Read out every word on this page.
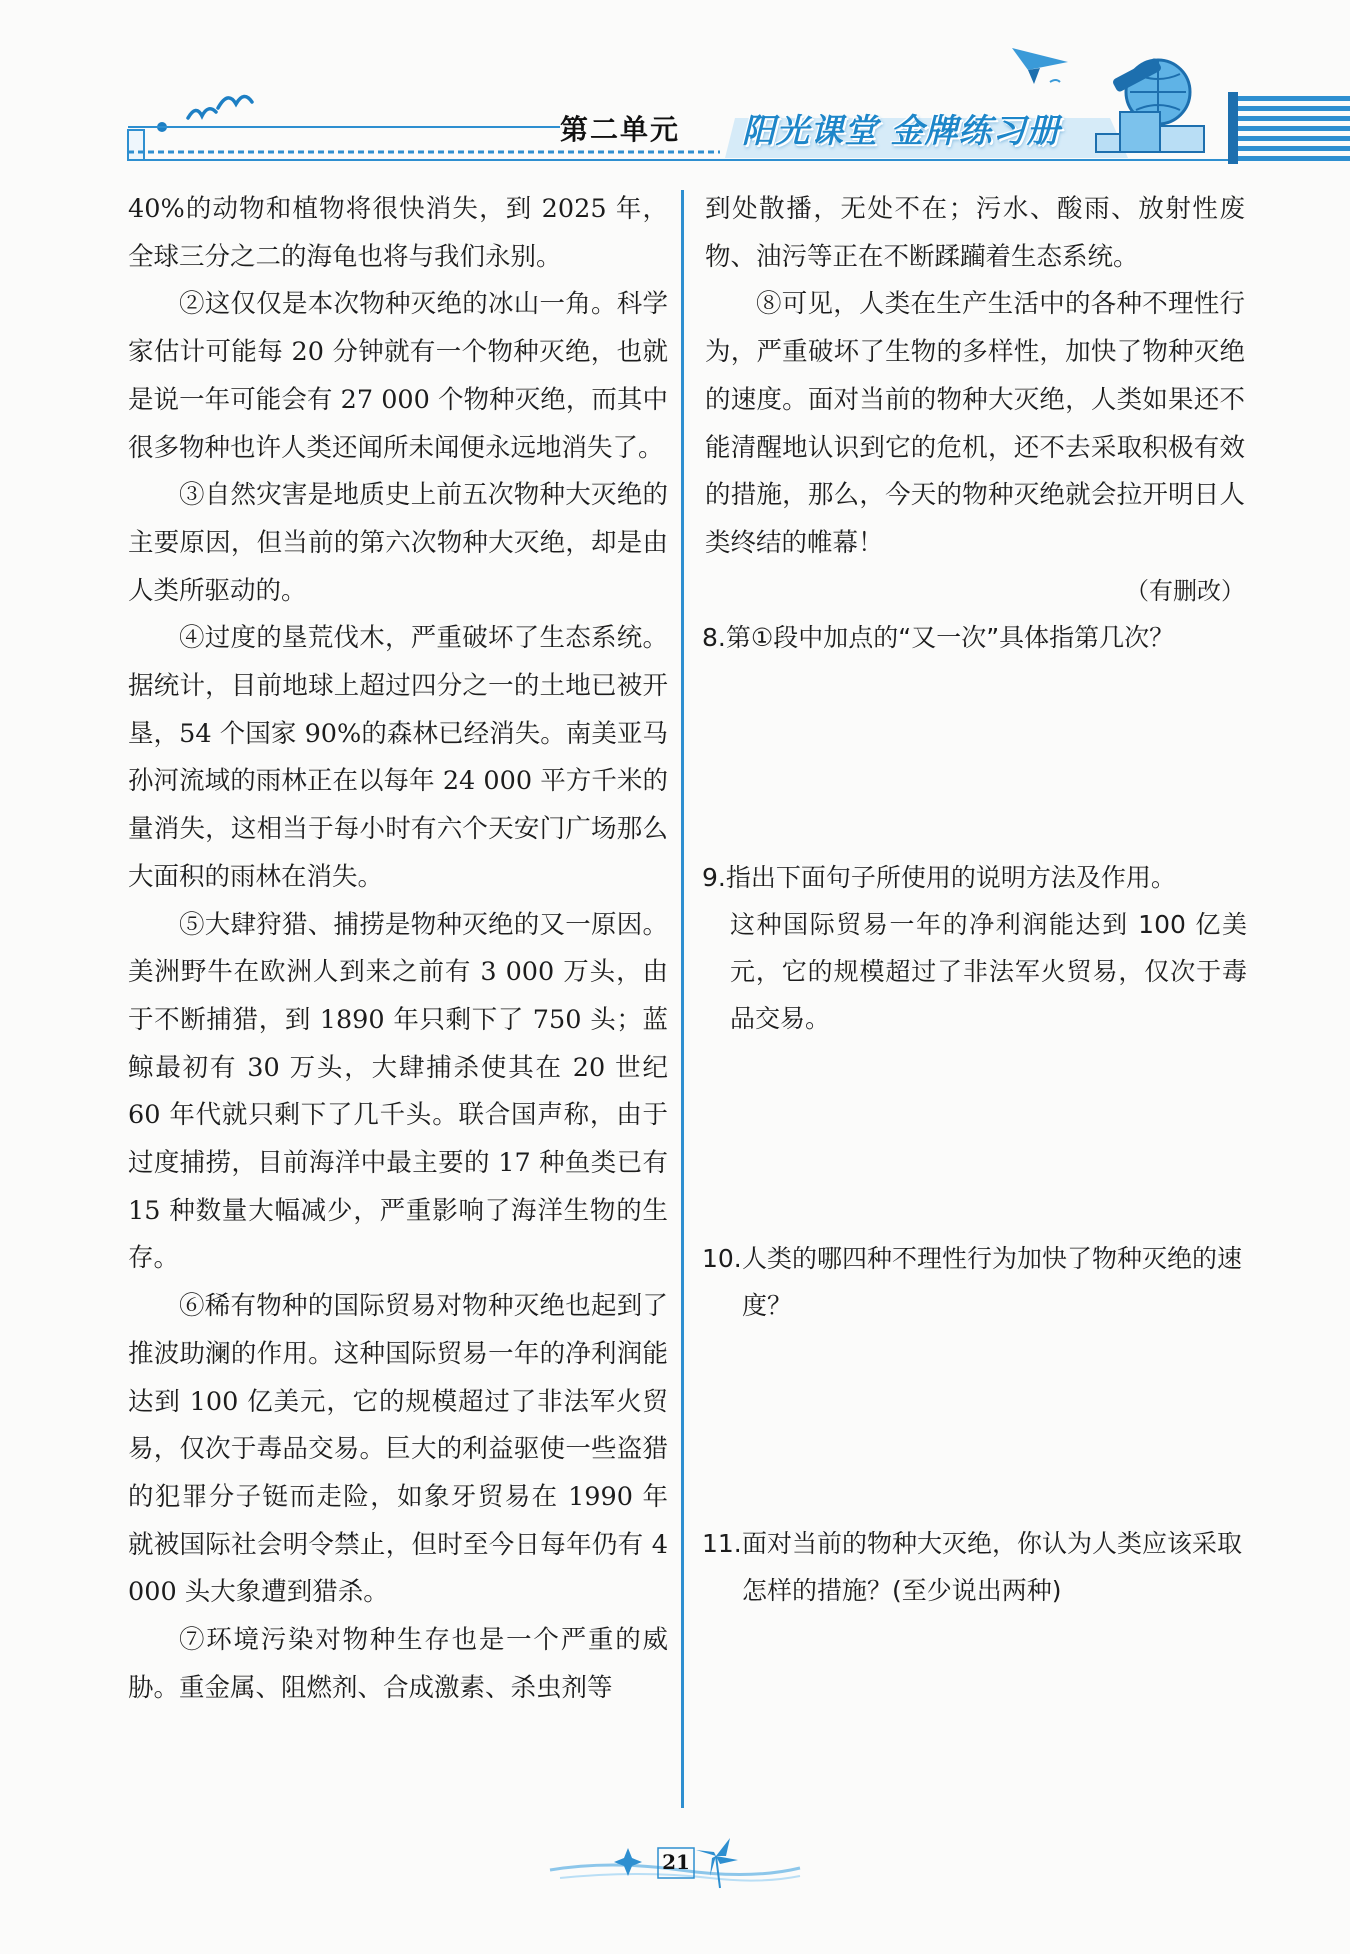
第二单元 阳光课堂 金牌练习册

40%的动物和植物将很快消失，到 2025 年，全球三分之二的海龟也将与我们永别。

②这仅仅是本次物种灭绝的冰山一角。科学家估计可能每 20 分钟就有一个物种灭绝，也就是说一年可能会有 27 000 个物种灭绝，而其中很多物种也许人类还闻所未闻便永远地消失了。

③自然灾害是地质史上前五次物种大灭绝的主要原因，但当前的第六次物种大灭绝，却是由人类所驱动的。

④过度的垦荒伐木，严重破坏了生态系统。据统计，目前地球上超过四分之一的土地已被开垦，54 个国家 90%的森林已经消失。南美亚马孙河流域的雨林正在以每年 24 000 平方千米的量消失，这相当于每小时有六个天安门广场那么大面积的雨林在消失。

⑤大肆狩猎、捕捞是物种灭绝的又一原因。美洲野牛在欧洲人到来之前有 3 000 万头，由于不断捕猎，到 1890 年只剩下了 750 头；蓝鲸最初有 30 万头，大肆捕杀使其在 20 世纪 60 年代就只剩下了几千头。联合国声称，由于过度捕捞，目前海洋中最主要的 17 种鱼类已有 15 种数量大幅减少，严重影响了海洋生物的生存。

⑥稀有物种的国际贸易对物种灭绝也起到了推波助澜的作用。这种国际贸易一年的净利润能达到 100 亿美元，它的规模超过了非法军火贸易，仅次于毒品交易。巨大的利益驱使一些盗猎的犯罪分子铤而走险，如象牙贸易在 1990 年就被国际社会明令禁止，但时至今日每年仍有 4 000 头大象遭到猎杀。

⑦环境污染对物种生存也是一个严重的威胁。重金属、阻燃剂、合成激素、杀虫剂等

到处散播，无处不在；污水、酸雨、放射性废物、油污等正在不断蹂躏着生态系统。

⑧可见，人类在生产生活中的各种不理性行为，严重破坏了生物的多样性，加快了物种灭绝的速度。面对当前的物种大灭绝，人类如果还不能清醒地认识到它的危机，还不去采取积极有效的措施，那么，今天的物种灭绝就会拉开明日人类终结的帷幕！

（有删改）

8.第①段中加点的“又一次”具体指第几次？
9.指出下面句子所使用的说明方法及作用。
这种国际贸易一年的净利润能达到 100 亿美元，它的规模超过了非法军火贸易，仅次于毒品交易。
10. 人类的哪四种不理性行为加快了物种灭绝的速度？
11. 面对当前的物种大灭绝，你认为人类应该采取怎样的措施？(至少说出两种)
21
